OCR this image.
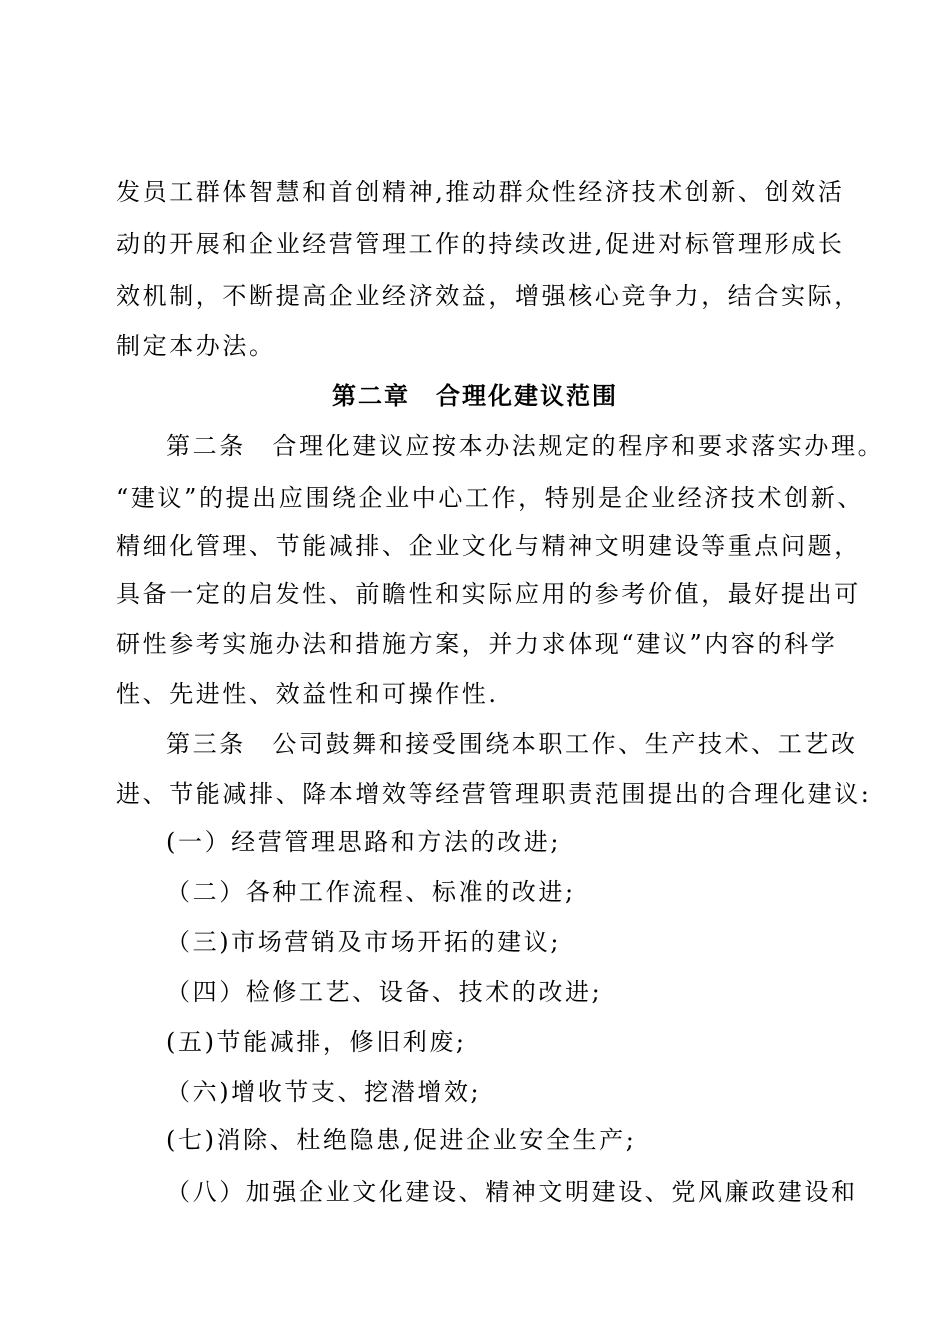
发员工群体智慧和首创精神,推动群众性经济技术创新、创效活
动的开展和企业经营管理工作的持续改进,促进对标管理形成长
效机制，不断提高企业经济效益，增强核心竞争力，结合实际，
制定本办法。
第二章　合理化建议范围
第二条　合理化建议应按本办法规定的程序和要求落实办理。
“建议”的提出应围绕企业中心工作，特别是企业经济技术创新、
精细化管理、节能减排、企业文化与精神文明建设等重点问题，
具备一定的启发性、前瞻性和实际应用的参考价值，最好提出可
研性参考实施办法和措施方案，并力求体现“建议”内容的科学
性、先进性、效益性和可操作性.
第三条　公司鼓舞和接受围绕本职工作、生产技术、工艺改
进、节能减排、降本增效等经营管理职责范围提出的合理化建议:
(一）经营管理思路和方法的改进;
（二）各种工作流程、标准的改进;
（三)市场营销及市场开拓的建议;
（四）检修工艺、设备、技术的改进;
(五)节能减排，修旧利废;
（六)增收节支、挖潜增效;
(七)消除、杜绝隐患,促进企业安全生产;
（八）加强企业文化建设、精神文明建设、党风廉政建设和
